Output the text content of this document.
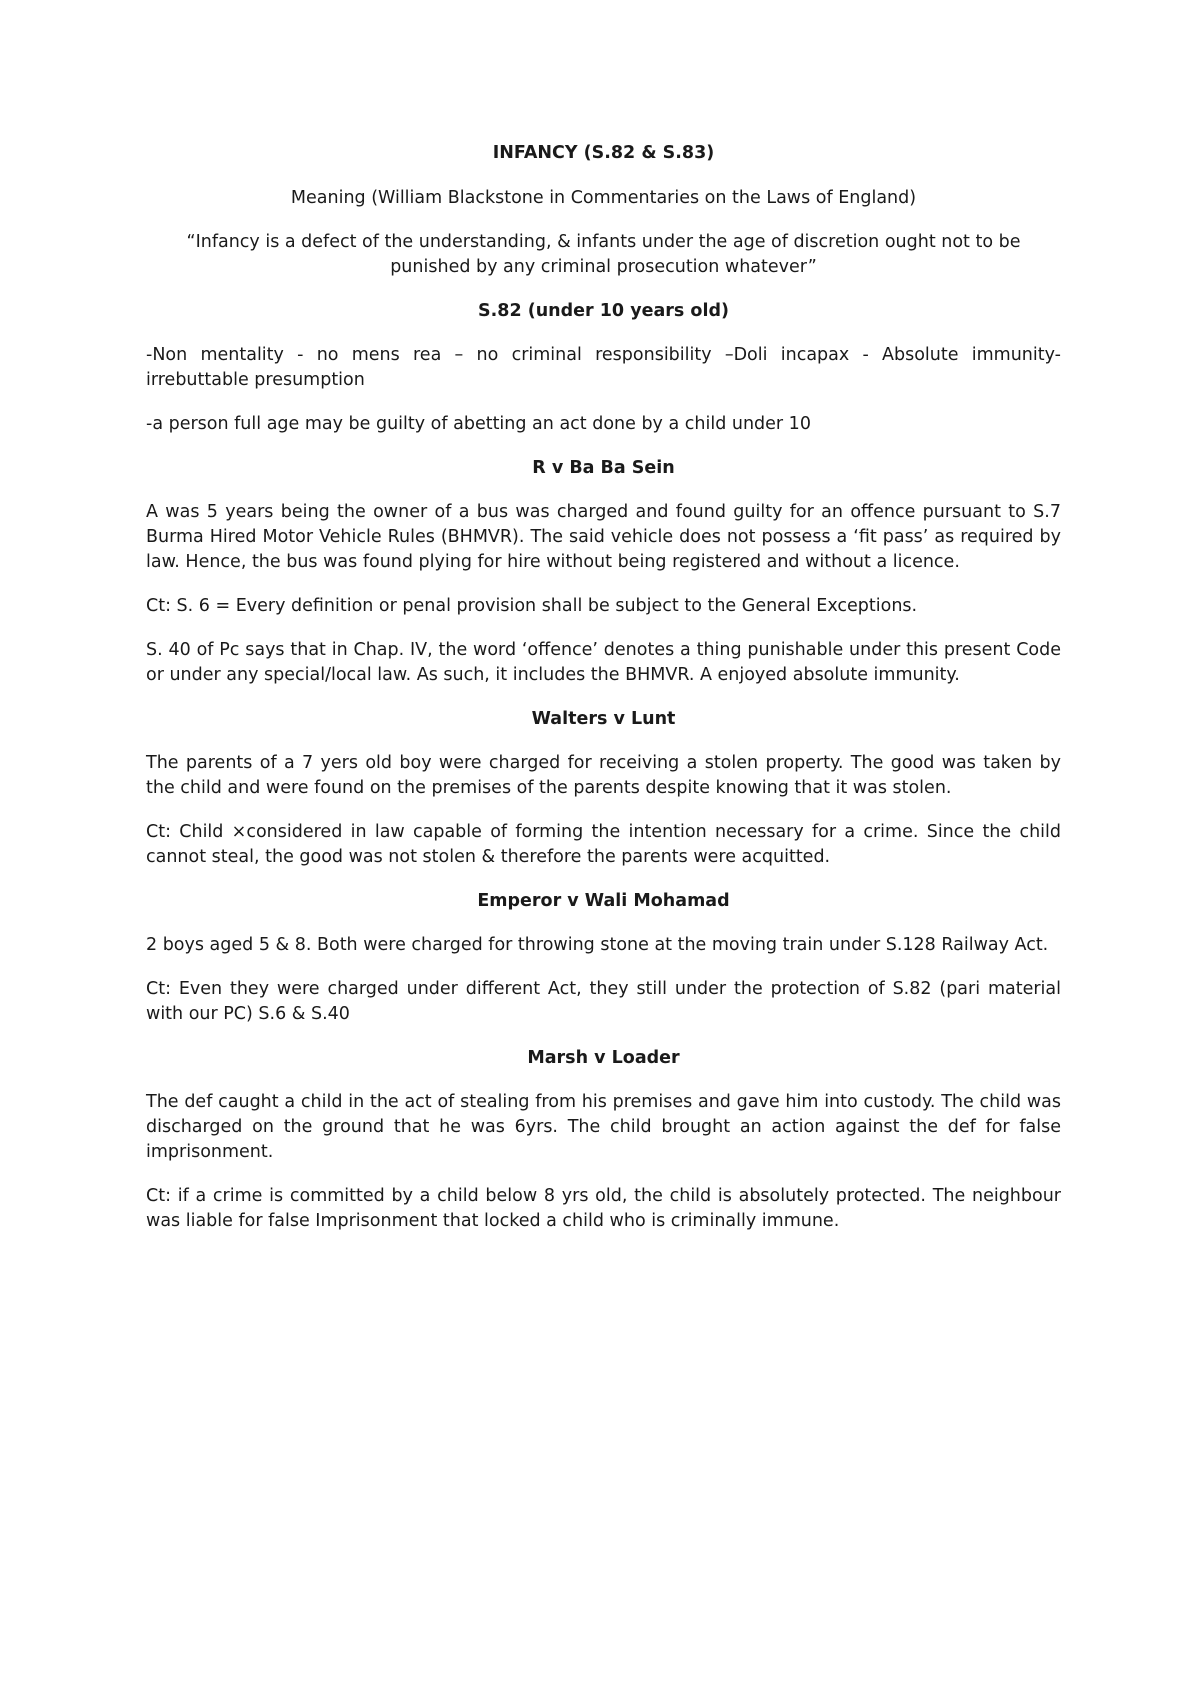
INFANCY (S.82 & S.83)

Meaning (William Blackstone in Commentaries on the Laws of England)

“Infancy is a defect of the understanding, & infants under the age of discretion ought not to be punished by any criminal prosecution whatever”

S.82 (under 10 years old)

-Non mentality - no mens rea – no criminal responsibility –Doli incapax - Absolute immunity- irrebuttable presumption

-a person full age may be guilty of abetting an act done by a child under 10

R v Ba Ba Sein

A was 5 years being the owner of a bus was charged and found guilty for an offence pursuant to S.7 Burma Hired Motor Vehicle Rules (BHMVR). The said vehicle does not possess a ‘fit pass’ as required by law. Hence, the bus was found plying for hire without being registered and without a licence.

Ct: S. 6 = Every definition or penal provision shall be subject to the General Exceptions.

S. 40 of Pc says that in Chap. IV, the word ‘offence’ denotes a thing punishable under this present Code or under any special/local law. As such, it includes the BHMVR. A enjoyed absolute immunity.

Walters v Lunt

The parents of a 7 yers old boy were charged for receiving a stolen property. The good was taken by the child and were found on the premises of the parents despite knowing that it was stolen.

Ct: Child ×considered in law capable of forming the intention necessary for a crime. Since the child cannot steal, the good was not stolen & therefore the parents were acquitted.

Emperor v Wali Mohamad

2 boys aged 5 & 8. Both were charged for throwing stone at the moving train under S.128 Railway Act.

Ct: Even they were charged under different Act, they still under the protection of S.82 (pari material with our PC) S.6 & S.40

Marsh v Loader

The def caught a child in the act of stealing from his premises and gave him into custody. The child was discharged on the ground that he was 6yrs. The child brought an action against the def for false imprisonment.

Ct: if a crime is committed by a child below 8 yrs old, the child is absolutely protected. The neighbour was liable for false Imprisonment that locked a child who is criminally immune.
